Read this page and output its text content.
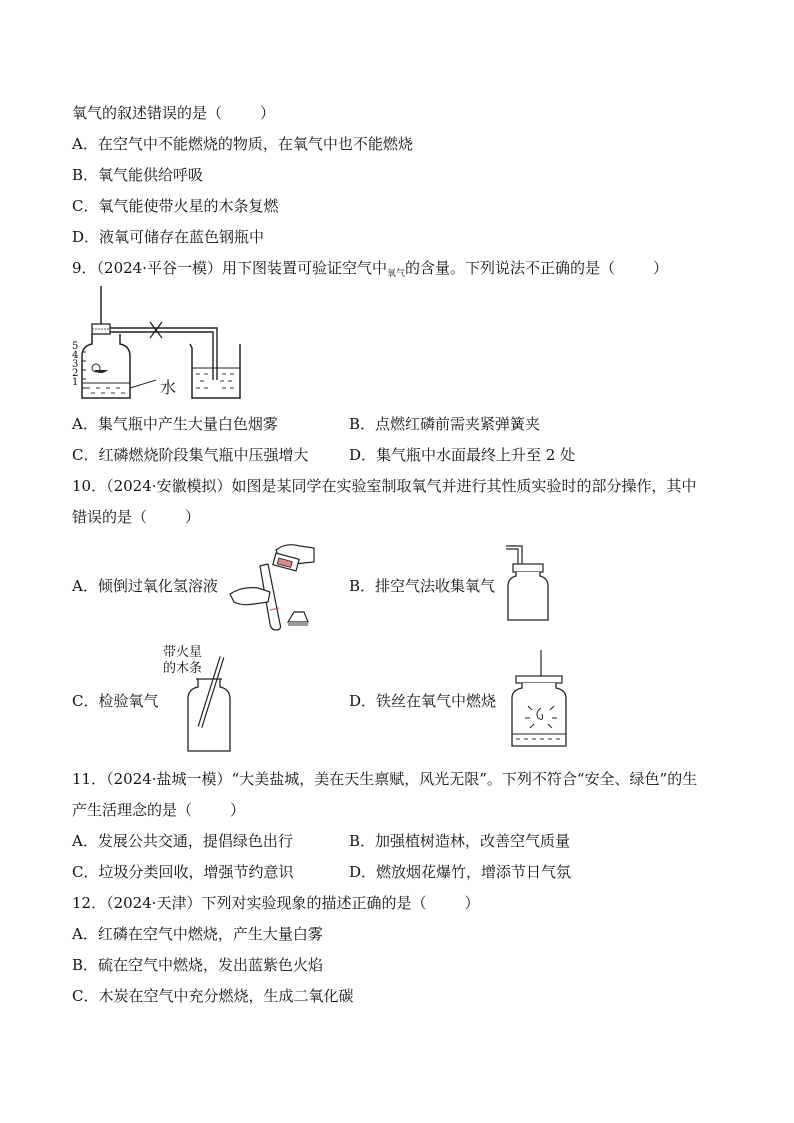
氧气的叙述错误的是（	）
A．在空气中不能燃烧的物质，在氧气中也不能燃烧
B．氧气能供给呼吸
C．氧气能使带火星的木条复燃
D．液氧可储存在蓝色钢瓶中
9．（2024·平谷一模）用下图装置可验证空气中$_{氧气}$的含量。下列说法不正确的是（	）
5
4
3
2
1	水
A．集气瓶中产生大量白色烟雾	B．点燃红磷前需夹紧弹簧夹
C．红磷燃烧阶段集气瓶中压强增大	D．集气瓶中水面最终上升至 2 处
10．（2024·安徽模拟）如图是某同学在实验室制取氧气并进行其性质实验时的部分操作，其中
错误的是（	）
A．倾倒过氧化氢溶液	B．排空气法收集氧气
带火星
的木条
C．检验氧气	D．铁丝在氧气中燃烧
11．（2024·盐城一模）“大美盐城，美在天生禀赋，风光无限”。下列不符合“安全、绿色”的生
产生活理念的是（	）
A．发展公共交通，提倡绿色出行	B．加强植树造林，改善空气质量
C．垃圾分类回收，增强节约意识	D．燃放烟花爆竹，增添节日气氛
12．（2024·天津）下列对实验现象的描述正确的是（	）
A．红磷在空气中燃烧，产生大量白雾
B．硫在空气中燃烧，发出蓝紫色火焰
C．木炭在空气中充分燃烧，生成二氧化碳
